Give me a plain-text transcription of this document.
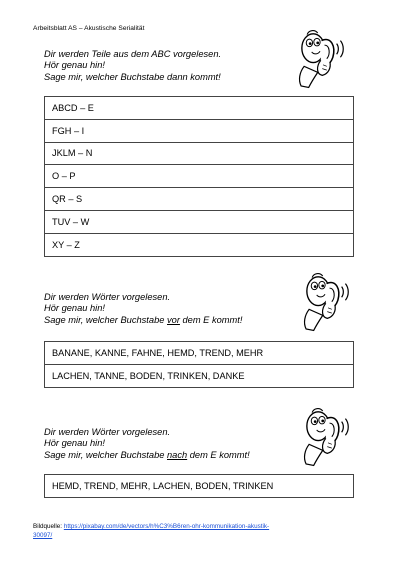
Arbeitsblatt AS – Akustische Serialität
Dir werden Teile aus dem ABC vorgelesen.
Hör genau hin!
Sage mir, welcher Buchstabe dann kommt!
ABCD – E
FGH – I
JKLM – N
O – P
QR – S
TUV – W
XY – Z
Dir werden Wörter vorgelesen.
Hör genau hin!
Sage mir, welcher Buchstabe vor dem E kommt!
BANANE, KANNE, FAHNE, HEMD, TREND, MEHR
LACHEN, TANNE, BODEN, TRINKEN, DANKE
Dir werden Wörter vorgelesen.
Hör genau hin!
Sage mir, welcher Buchstabe nach dem E kommt!
HEMD, TREND, MEHR, LACHEN, BODEN, TRINKEN
Bildquelle: https://pixabay.com/de/vectors/h%C3%B6ren-ohr-kommunikation-akustik-
30097/
